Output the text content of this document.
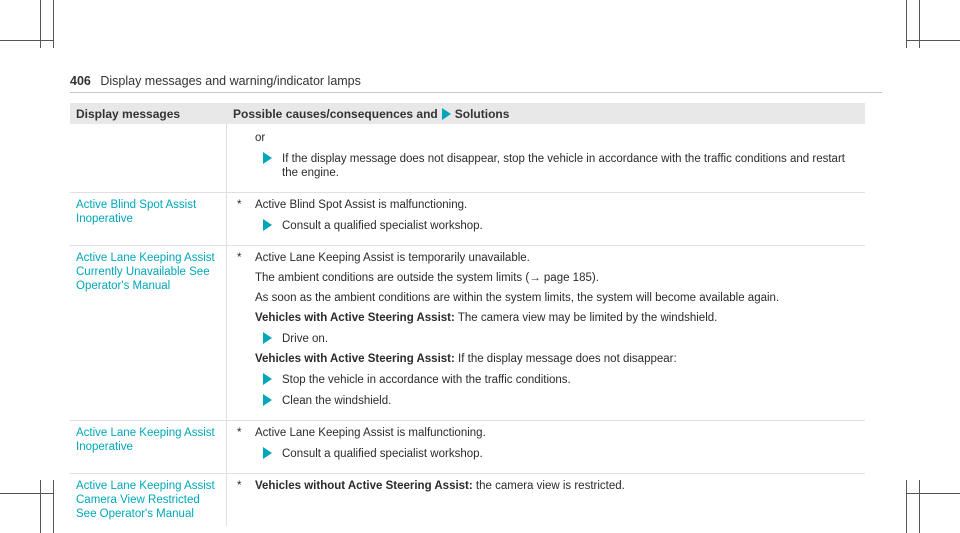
406 Display messages and warning/indicator lamps
Display messages	Possible causes/consequences and Solutions
or
If the display message does not disappear, stop the vehicle in accordance with the traffic conditions and restart the engine.
Active Blind Spot Assist Inoperative
* Active Blind Spot Assist is malfunctioning.
Consult a qualified specialist workshop.
Active Lane Keeping Assist Currently Unavailable See Operator's Manual
* Active Lane Keeping Assist is temporarily unavailable.
The ambient conditions are outside the system limits (→ page 185).
As soon as the ambient conditions are within the system limits, the system will become available again.
Vehicles with Active Steering Assist: The camera view may be limited by the windshield.
Drive on.
Vehicles with Active Steering Assist: If the display message does not disappear:
Stop the vehicle in accordance with the traffic conditions.
Clean the windshield.
Active Lane Keeping Assist Inoperative
* Active Lane Keeping Assist is malfunctioning.
Consult a qualified specialist workshop.
Active Lane Keeping Assist Camera View Restricted See Operator's Manual
* Vehicles without Active Steering Assist: the camera view is restricted.
